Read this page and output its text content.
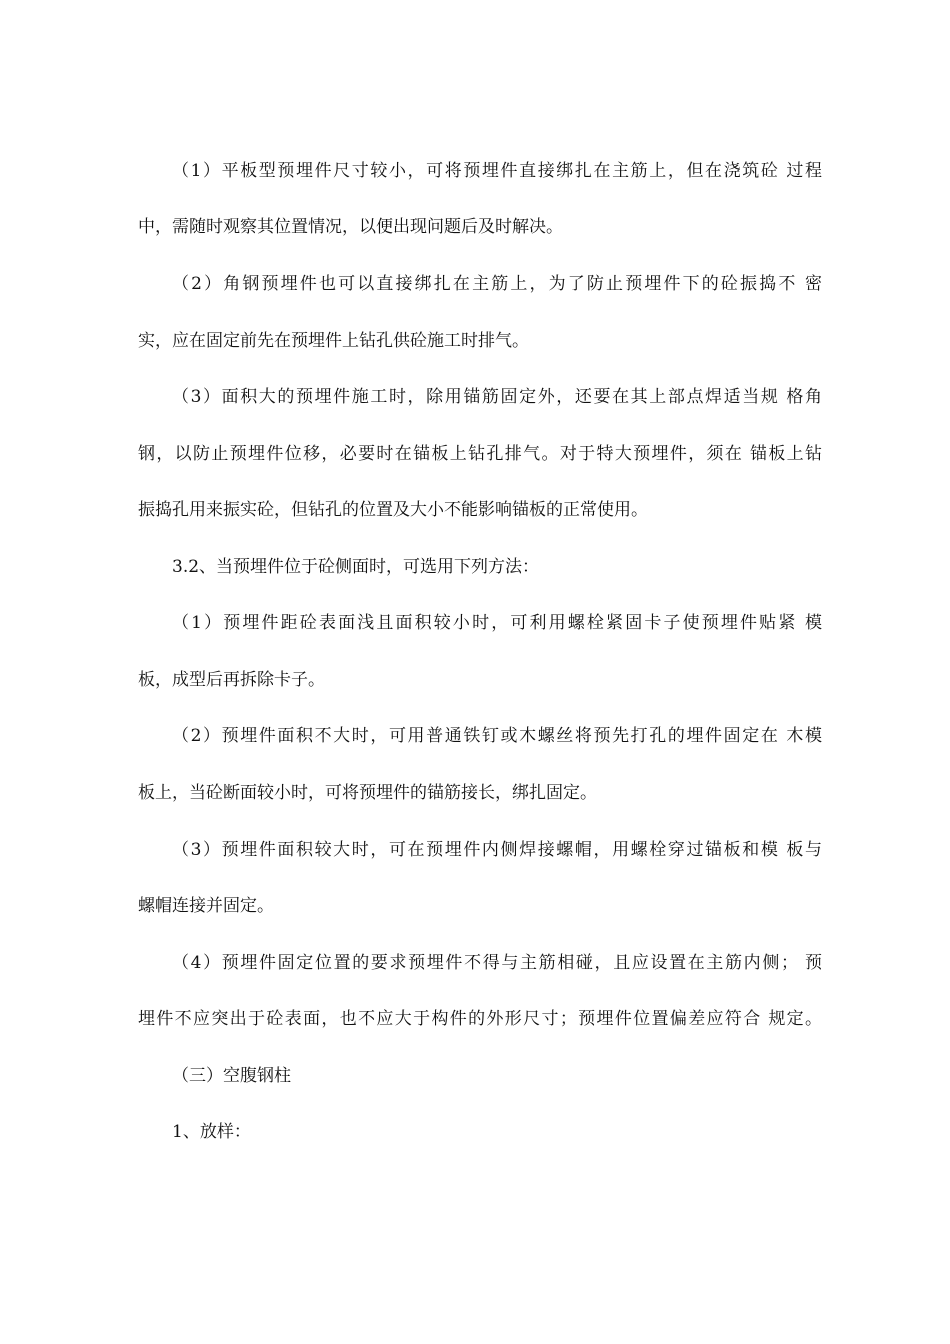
（1）平板型预埋件尺寸较小，可将预埋件直接绑扎在主筋上，但在浇筑砼 过程
中，需随时观察其位置情况，以便出现问题后及时解决。
（2）角钢预埋件也可以直接绑扎在主筋上，为了防止预埋件下的砼振捣不 密
实，应在固定前先在预埋件上钻孔供砼施工时排气。
（3）面积大的预埋件施工时，除用锚筋固定外，还要在其上部点焊适当规 格角
钢，以防止预埋件位移，必要时在锚板上钻孔排气。对于特大预埋件，须在 锚板上钻
振捣孔用来振实砼，但钻孔的位置及大小不能影响锚板的正常使用。
3.2、当预埋件位于砼侧面时，可选用下列方法：
（1）预埋件距砼表面浅且面积较小时，可利用螺栓紧固卡子使预埋件贴紧 模
板，成型后再拆除卡子。
（2）预埋件面积不大时，可用普通铁钉或木螺丝将预先打孔的埋件固定在 木模
板上，当砼断面较小时，可将预埋件的锚筋接长，绑扎固定。
（3）预埋件面积较大时，可在预埋件内侧焊接螺帽，用螺栓穿过锚板和模 板与
螺帽连接并固定。
（4）预埋件固定位置的要求预埋件不得与主筋相碰，且应设置在主筋内侧； 预
埋件不应突出于砼表面，也不应大于构件的外形尺寸；预埋件位置偏差应符合 规定。
（三）空腹钢柱
1、放样：
